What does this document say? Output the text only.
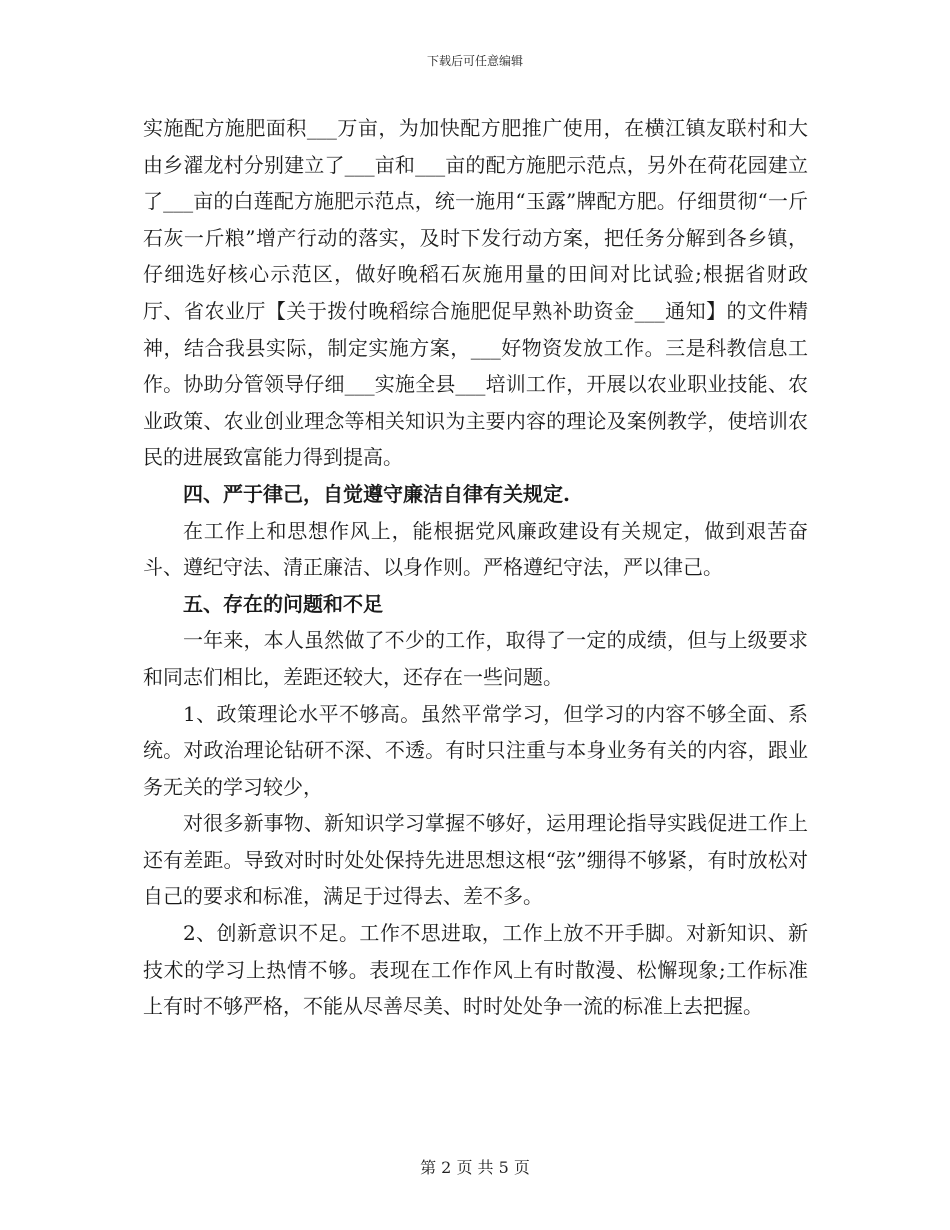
下载后可任意编辑

实施配方施肥面积___万亩，为加快配方肥推广使用，在横江镇友联村和大由乡濯龙村分别建立了___亩和___亩的配方施肥示范点，另外在荷花园建立了___亩的白莲配方施肥示范点，统一施用“玉露”牌配方肥。仔细贯彻“一斤石灰一斤粮”增产行动的落实，及时下发行动方案，把任务分解到各乡镇，仔细选好核心示范区，做好晚稻石灰施用量的田间对比试验;根据省财政厅、省农业厅【关于拨付晚稻综合施肥促早熟补助资金___通知】的文件精神，结合我县实际，制定实施方案，___好物资发放工作。三是科教信息工作。协助分管领导仔细___实施全县___培训工作，开展以农业职业技能、农业政策、农业创业理念等相关知识为主要内容的理论及案例教学，使培训农民的进展致富能力得到提高。

四、严于律己，自觉遵守廉洁自律有关规定.

在工作上和思想作风上，能根据党风廉政建设有关规定，做到艰苦奋斗、遵纪守法、清正廉洁、以身作则。严格遵纪守法，严以律己。

五、存在的问题和不足

一年来，本人虽然做了不少的工作，取得了一定的成绩，但与上级要求和同志们相比，差距还较大，还存在一些问题。

1、政策理论水平不够高。虽然平常学习，但学习的内容不够全面、系统。对政治理论钻研不深、不透。有时只注重与本身业务有关的内容，跟业务无关的学习较少，

对很多新事物、新知识学习掌握不够好，运用理论指导实践促进工作上还有差距。导致对时时处处保持先进思想这根“弦”绷得不够紧，有时放松对自己的要求和标准，满足于过得去、差不多。

2、创新意识不足。工作不思进取，工作上放不开手脚。对新知识、新技术的学习上热情不够。表现在工作作风上有时散漫、松懈现象;工作标准上有时不够严格，不能从尽善尽美、时时处处争一流的标准上去把握。

第 2 页 共 5 页
